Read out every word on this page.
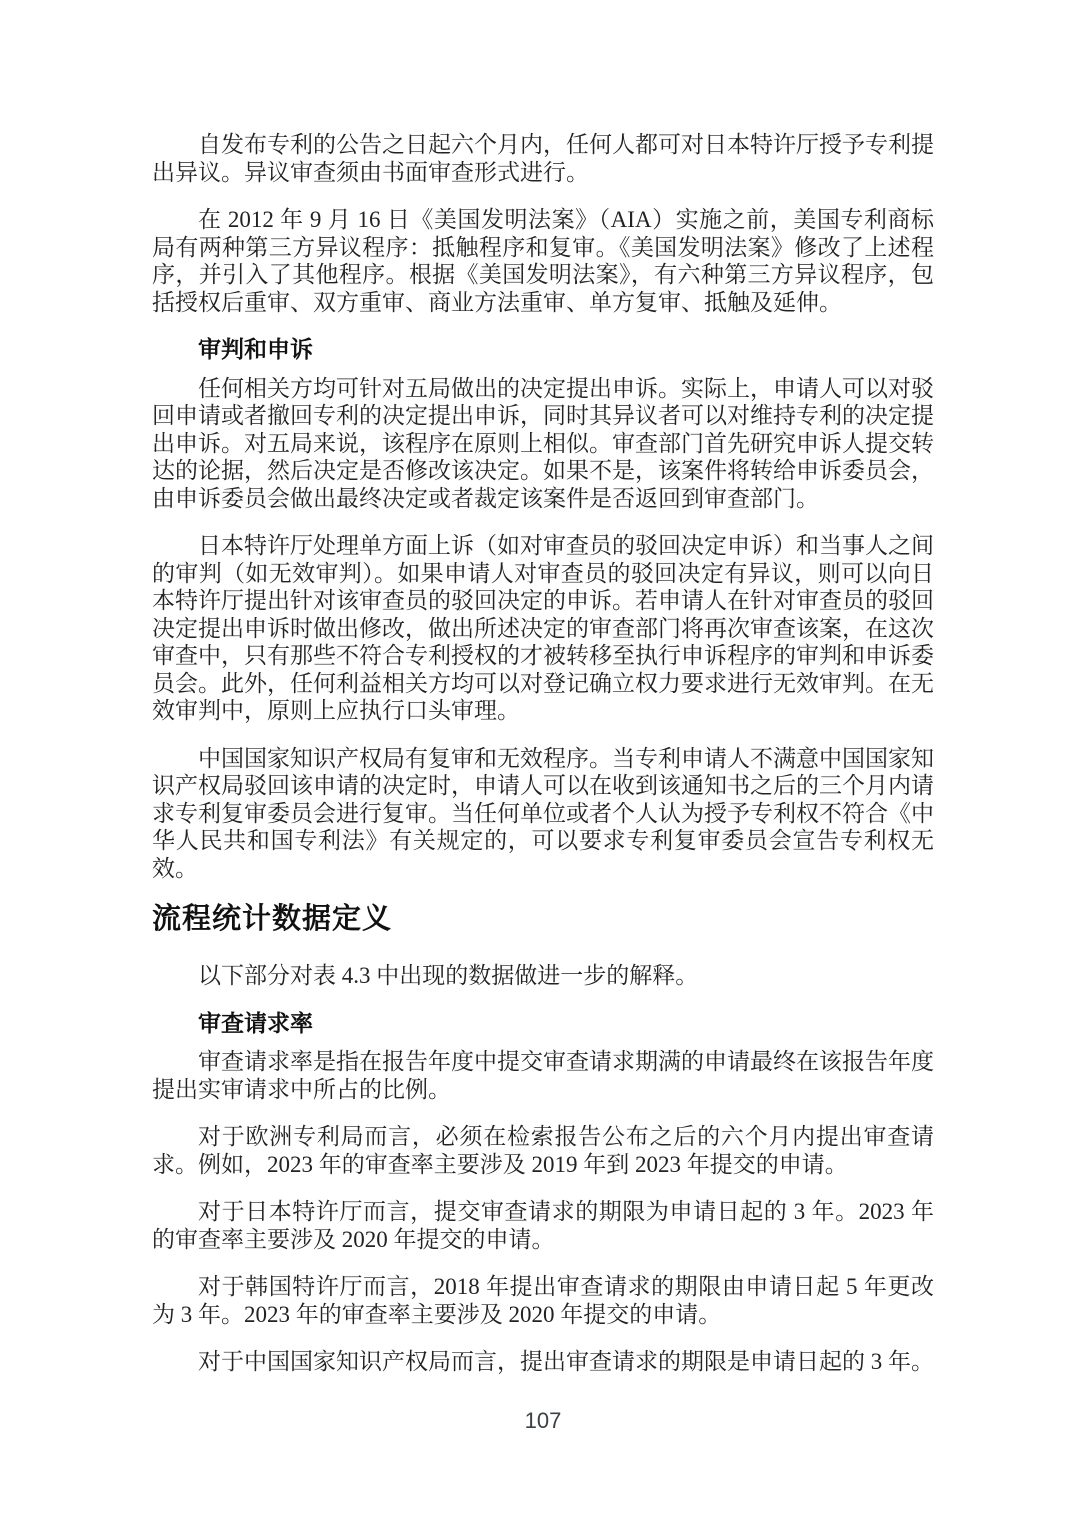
自发布专利的公告之日起六个月内，任何人都可对日本特许厅授予专利提出异议。异议审查须由书面审查形式进行。

在 2012 年 9 月 16 日《美国发明法案》（AIA）实施之前，美国专利商标局有两种第三方异议程序：抵触程序和复审。《美国发明法案》修改了上述程序，并引入了其他程序。根据《美国发明法案》，有六种第三方异议程序，包括授权后重审、双方重审、商业方法重审、单方复审、抵触及延伸。

审判和申诉

任何相关方均可针对五局做出的决定提出申诉。实际上，申请人可以对驳回申请或者撤回专利的决定提出申诉，同时其异议者可以对维持专利的决定提出申诉。对五局来说，该程序在原则上相似。审查部门首先研究申诉人提交转达的论据，然后决定是否修改该决定。如果不是，该案件将转给申诉委员会，由申诉委员会做出最终决定或者裁定该案件是否返回到审查部门。

日本特许厅处理单方面上诉（如对审查员的驳回决定申诉）和当事人之间的审判（如无效审判）。如果申请人对审查员的驳回决定有异议，则可以向日本特许厅提出针对该审查员的驳回决定的申诉。若申请人在针对审查员的驳回决定提出申诉时做出修改，做出所述决定的审查部门将再次审查该案，在这次审查中，只有那些不符合专利授权的才被转移至执行申诉程序的审判和申诉委员会。此外，任何利益相关方均可以对登记确立权力要求进行无效审判。在无效审判中，原则上应执行口头审理。

中国国家知识产权局有复审和无效程序。当专利申请人不满意中国国家知识产权局驳回该申请的决定时，申请人可以在收到该通知书之后的三个月内请求专利复审委员会进行复审。当任何单位或者个人认为授予专利权不符合《中华人民共和国专利法》有关规定的，可以要求专利复审委员会宣告专利权无效。

流程统计数据定义

以下部分对表 4.3 中出现的数据做进一步的解释。

审查请求率

审查请求率是指在报告年度中提交审查请求期满的申请最终在该报告年度提出实审请求中所占的比例。

对于欧洲专利局而言，必须在检索报告公布之后的六个月内提出审查请求。例如，2023 年的审查率主要涉及 2019 年到 2023 年提交的申请。

对于日本特许厅而言，提交审查请求的期限为申请日起的 3 年。2023 年的审查率主要涉及 2020 年提交的申请。

对于韩国特许厅而言，2018 年提出审查请求的期限由申请日起 5 年更改为 3 年。2023 年的审查率主要涉及 2020 年提交的申请。

对于中国国家知识产权局而言，提出审查请求的期限是申请日起的 3 年。

107
